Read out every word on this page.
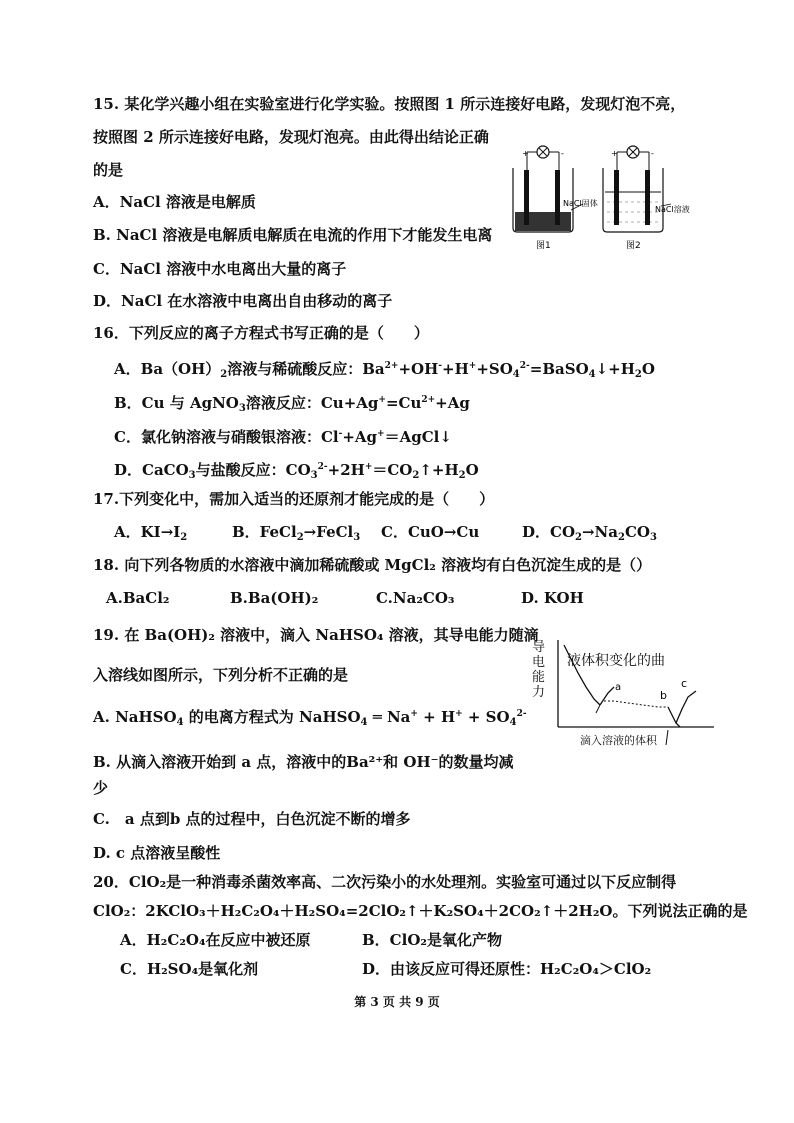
15. 某化学兴趣小组在实验室进行化学实验。按照图 1 所示连接好电路，发现灯泡不亮，
按照图 2 所示连接好电路，发现灯泡亮。由此得出结论正确
的是
A．NaCl 溶液是电解质
B. NaCl 溶液是电解质电解质在电流的作用下才能发生电离
C．NaCl 溶液中水电离出大量的离子
D．NaCl 在水溶液中电离出自由移动的离子
+	-
NaCl固体
图1
+	-
NaCl溶液
图2
16．下列反应的离子方程式书写正确的是（　　）
A．$Ba(OH)_2$溶液与稀硫酸反应：$Ba^{2+}+OH^-+H^++SO_4^{2-}=BaSO_4↓+H_2O$
B．Cu 与 AgNO$_3$溶液反应：$Cu+Ag^+=Cu^{2+}+Ag$
C．氯化钠溶液与硝酸银溶液：Cl-+Ag+＝AgCl↓
D．CaCO$_3$与盐酸反应：$CO_3^{2-}+2H^+=CO_2↑+H_2O$
17.下列变化中，需加入适当的还原剂才能完成的是（　　）
A．$KI\to I_2$	B．FeCl$_2$→FeCl$_3$ C．CuO→Cu	D．$CO_2\to Na_2CO_3$
18. 向下列各物质的水溶液中滴加稀硫酸或 MgCl₂ 溶液均有白色沉淀生成的是（）
A.BaCl₂	B.Ba(OH)₂	C.Na₂CO₃	D. KOH
19. 在 Ba(OH)₂ 溶液中，滴入 NaHSO₄ 溶液，其导电能力随滴
入溶线如图所示，下列分析不正确的是
A. NaHSO$_4$ 的电离方程式为 NaHSO$_4$ ═ $Na^+ + H^+ + SO_4^{2-}$
B. 从滴入溶液开始到 a 点，溶液中的Ba²⁺和 OH⁻的数量均减
少
C.　a 点到b 点的过程中，白色沉淀不断的增多
D. c 点溶液呈酸性
导电能力
液体积变化的曲
滴入溶液的体积
a
b
c
20．ClO₂是一种消毒杀菌效率高、二次污染小的水处理剂。实验室可通过以下反应制得
ClO₂：2KClO₃＋H₂C₂O₄＋H₂SO₄=2ClO₂↑＋K₂SO₄＋2CO₂↑＋2H₂O。下列说法正确的是
A．H₂C₂O₄在反应中被还原	B．ClO₂是氧化产物
C．H₂SO₄是氧化剂	D．由该反应可得还原性：H₂C₂O₄＞ClO₂
第 3 页 共 9 页
